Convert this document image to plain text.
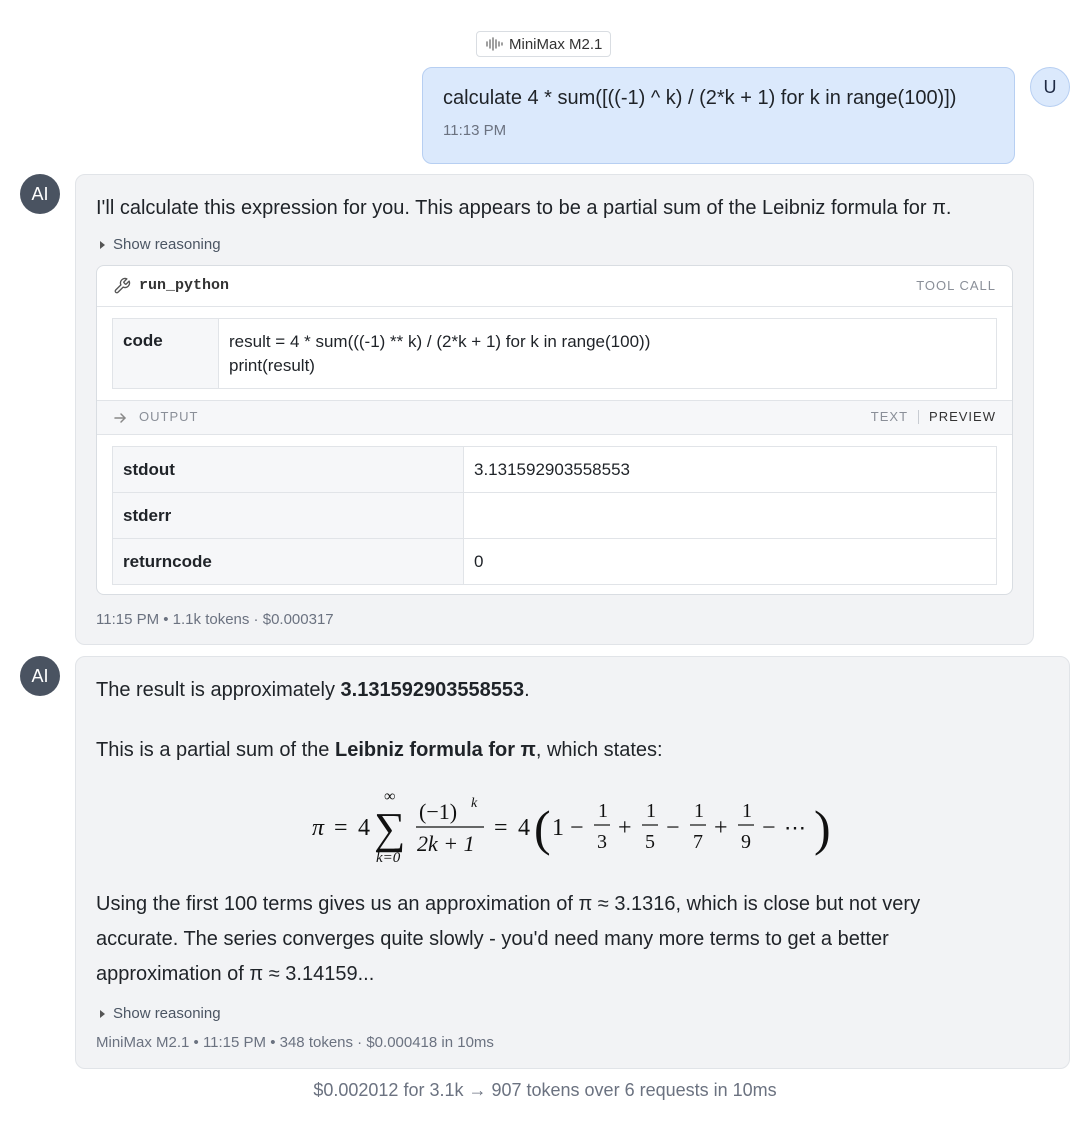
MiniMax M2.1
calculate 4 * sum([((-1) ^ k) / (2*k + 1) for k in range(100)])
11:13 PM
U
AI
I'll calculate this expression for you. This appears to be a partial sum of the Leibniz formula for π.
Show reasoning
run_python	TOOL CALL
code	result = 4 * sum(((-1) ** k) / (2*k + 1) for k in range(100))
print(result)
OUTPUT	TEXT PREVIEW
stdout	3.131592903558553
stderr	
returncode	0
11:15 PM • 1.1k tokens · $0.000317
AI
The result is approximately 3.131592903558553.
This is a partial sum of the Leibniz formula for π, which states:
π = 4
∞
∑
k=0
(−1) k
2k + 1
= 4 ( 1 −
1
3
+
1
5
−
1
7
+
1
9
− ⋯ )
Using the first 100 terms gives us an approximation of π ≈ 3.1316, which is close but not very accurate. The series converges quite slowly - you'd need many more terms to get a better approximation of π ≈ 3.14159...
Show reasoning
MiniMax M2.1 • 11:15 PM • 348 tokens · $0.000418 in 10ms
$0.002012 for 3.1k → 907 tokens over 6 requests in 10ms
